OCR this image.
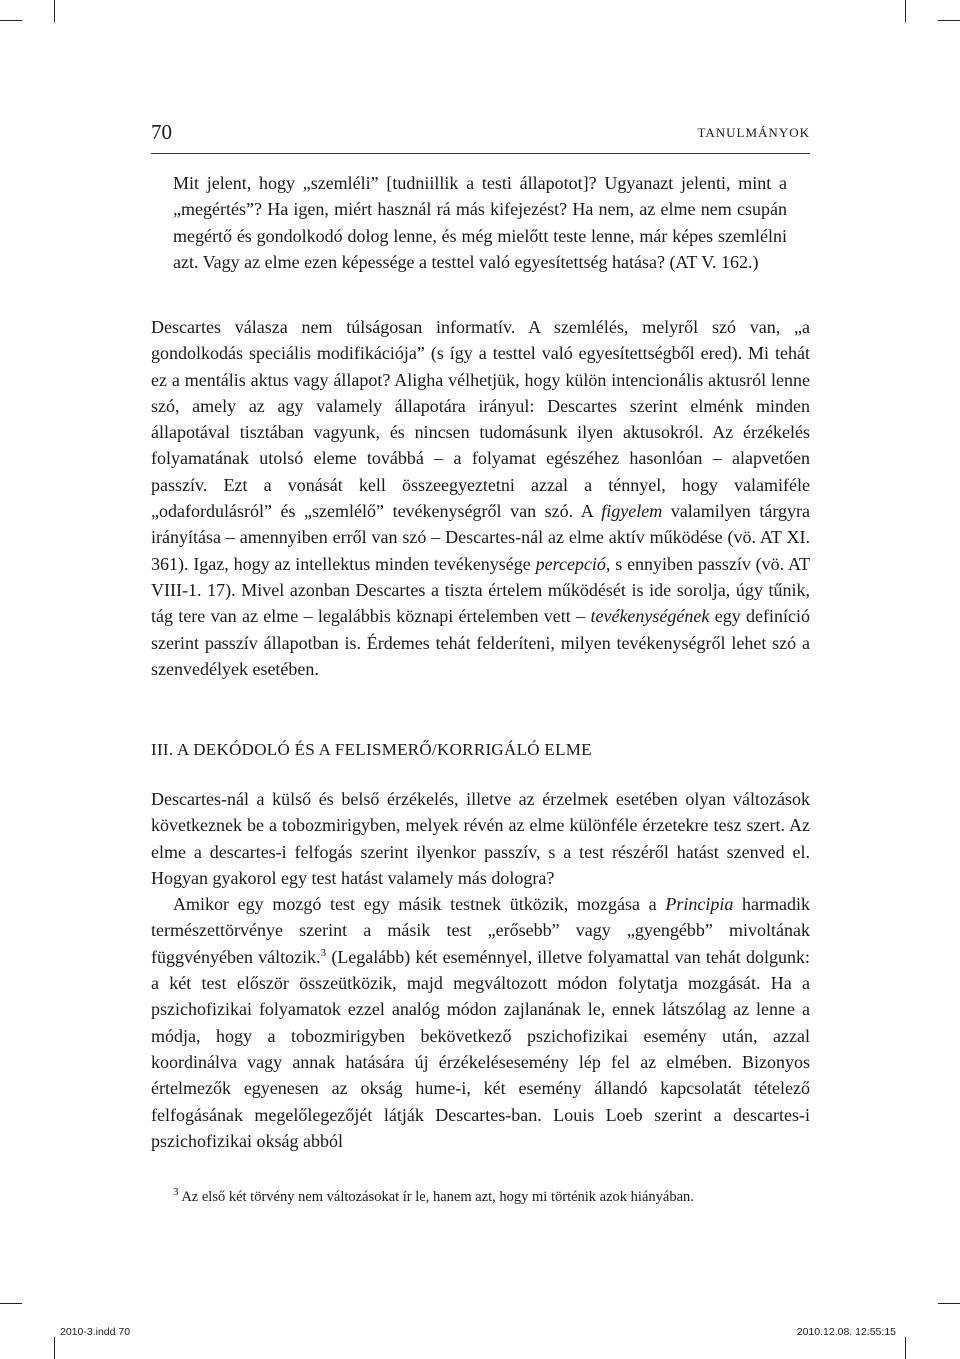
70	TANULMÁNYOK
Mit jelent, hogy „szemléli” [tudniillik a testi állapotot]? Ugyanazt jelenti, mint a „megértés”? Ha igen, miért használ rá más kifejezést? Ha nem, az elme nem csupán megértő és gondolkodó dolog lenne, és még mielőtt teste lenne, már képes szemlélni azt. Vagy az elme ezen képessége a testtel való egyesítettség hatása? (AT V. 162.)

Descartes válasza nem túlságosan informatív. A szemlélés, melyről szó van, „a gondolkodás speciális modifikációja” (s így a testtel való egyesítettségből ered). Mi tehát ez a mentális aktus vagy állapot? Aligha vélhetjük, hogy külön intencionális aktusról lenne szó, amely az agy valamely állapotára irányul: Descartes szerint elménk minden állapotával tisztában vagyunk, és nincsen tudomásunk ilyen aktusokról. Az érzékelés folyamatának utolsó eleme továbbá – a folyamat egészéhez hasonlóan – alapvetően passzív. Ezt a vonását kell összeegyeztetni azzal a ténnyel, hogy valamiféle „odafordulásról” és „szemlélő” tevékenységről van szó. A figyelem valamilyen tárgyra irányítása – amennyiben erről van szó – Descartes-nál az elme aktív működése (vö. AT XI. 361). Igaz, hogy az intellektus minden tevékenysége percepció, s ennyiben passzív (vö. AT VIII-1. 17). Mivel azonban Descartes a tiszta értelem működését is ide sorolja, úgy tűnik, tág tere van az elme – legalábbis köznapi értelemben vett – tevékenységének egy definíció szerint passzív állapotban is. Érdemes tehát felderíteni, milyen tevékenységről lehet szó a szenvedélyek esetében.

III. A DEKÓDOLÓ ÉS A FELISMERŐ/KORRIGÁLÓ ELME

Descartes-nál a külső és belső érzékelés, illetve az érzelmek esetében olyan változások következnek be a tobozmirigyben, melyek révén az elme különféle érzetekre tesz szert. Az elme a descartes-i felfogás szerint ilyenkor passzív, s a test részéről hatást szenved el. Hogyan gyakorol egy test hatást valamely más dologra?

Amikor egy mozgó test egy másik testnek ütközik, mozgása a Principia harmadik természettörvénye szerint a másik test „erősebb” vagy „gyengébb” mivoltának függvényében változik.$^3$ (Legalább) két eseménnyel, illetve folyamattal van tehát dolgunk: a két test először összeütközik, majd megváltozott módon folytatja mozgását. Ha a pszichofizikai folyamatok ezzel analóg módon zajlanának le, ennek látszólag az lenne a módja, hogy a tobozmirigyben bekövetkező pszichofizikai esemény után, azzal koordinálva vagy annak hatására új érzékelésesemény lép fel az elmében. Bizonyos értelmezők egyenesen az okság hume-i, két esemény állandó kapcsolatát tételező felfogásának megelőlegezőjét látják Descartes-ban. Louis Loeb szerint a descartes-i pszichofizikai okság abból

$^3$ Az első két törvény nem változásokat ír le, hanem azt, hogy mi történik azok hiányában.
2010-3.indd 70	2010.12.08. 12:55:15
